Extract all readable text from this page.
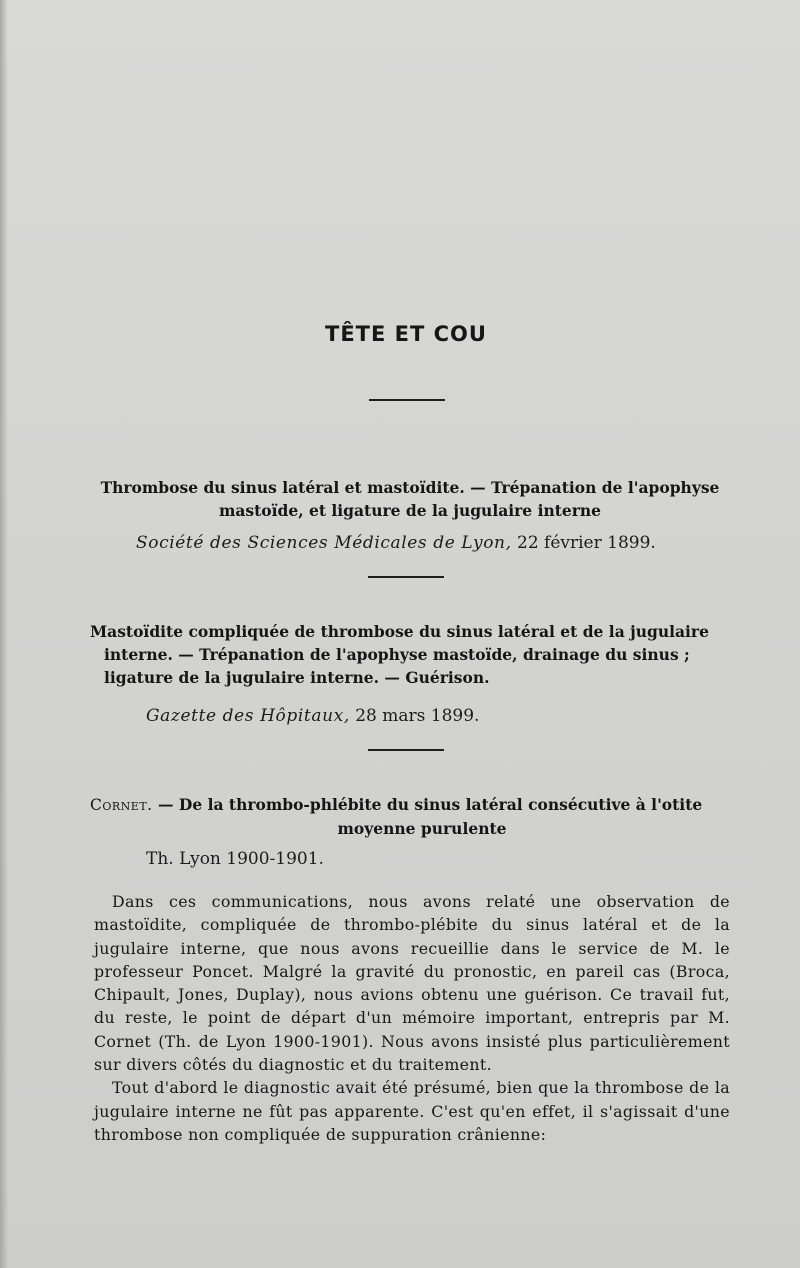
TÊTE ET COU

Thrombose du sinus latéral et mastoïdite. — Trépanation de l'apophyse
mastoïde, et ligature de la jugulaire interne

Société des Sciences Médicales de Lyon, 22 février 1899.

Mastoïdite compliquée de thrombose du sinus latéral et de la jugulaire
interne. — Trépanation de l'apophyse mastoïde, drainage du sinus ;
ligature de la jugulaire interne. — Guérison.

Gazette des Hôpitaux, 28 mars 1899.

Cornet. — De la thrombo-phlébite du sinus latéral consécutive à l'otite
moyenne purulente

Th. Lyon 1900-1901.

Dans ces communications, nous avons relaté une observation de mastoïdite, compliquée de thrombo-plébite du sinus latéral et de la jugulaire interne, que nous avons recueillie dans le service de M. le professeur Poncet. Malgré la gravité du pronostic, en pareil cas (Broca, Chipault, Jones, Duplay), nous avions obtenu une guérison. Ce travail fut, du reste, le point de départ d'un mémoire important, entrepris par M. Cornet (Th. de Lyon 1900-1901). Nous avons insisté plus particulièrement sur divers côtés du diagnostic et du traitement.

Tout d'abord le diagnostic avait été présumé, bien que la thrombose de la jugulaire interne ne fût pas apparente. C'est qu'en effet, il s'agissait d'une thrombose non compliquée de suppuration crânienne:
